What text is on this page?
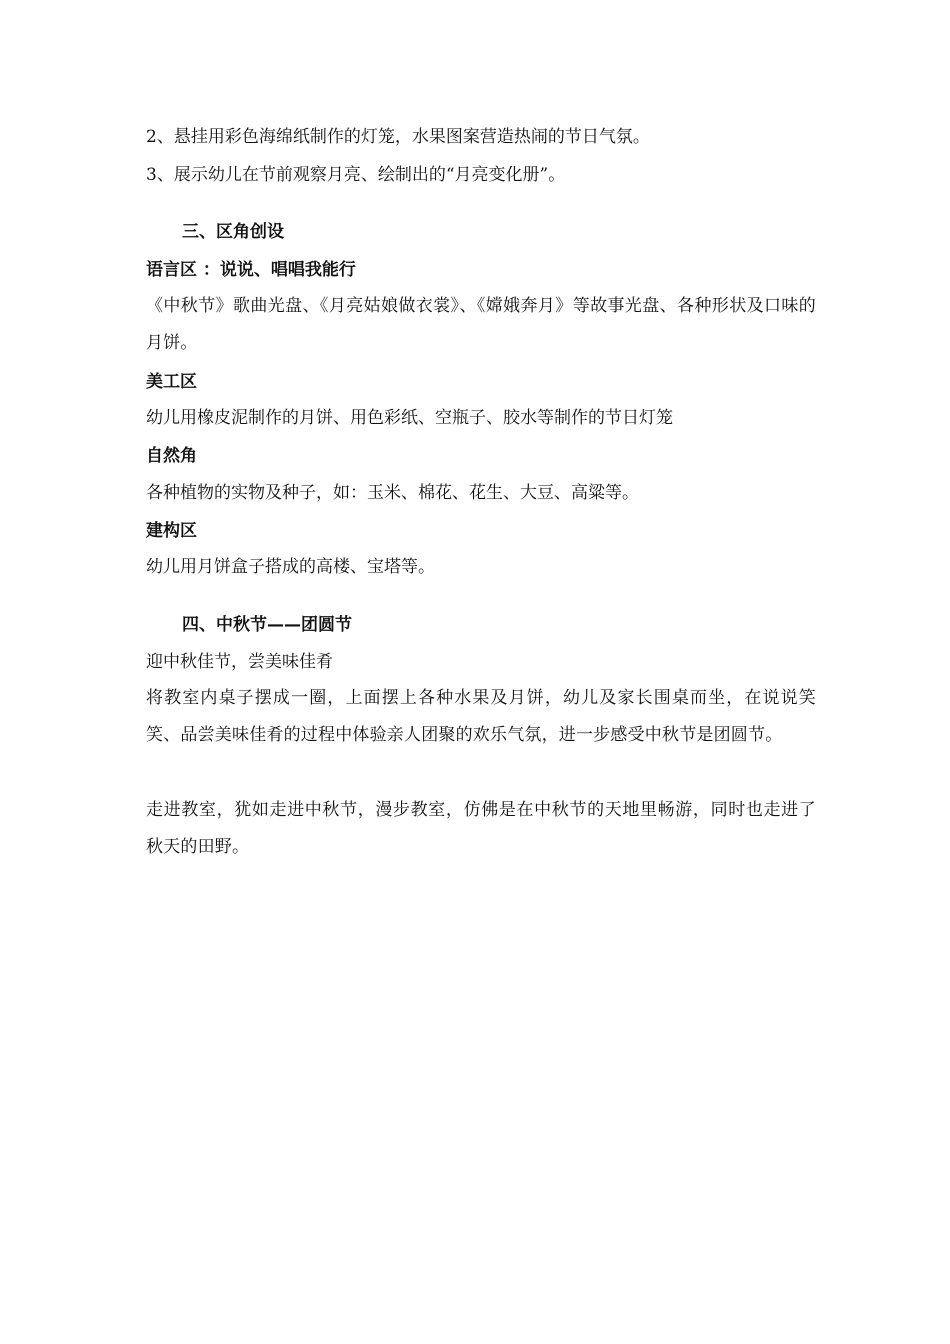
2、悬挂用彩色海绵纸制作的灯笼，水果图案营造热闹的节日气氛。
3、展示幼儿在节前观察月亮、绘制出的“月亮变化册”。
三、区角创设
语言区 ：说说、唱唱我能行
《中秋节》歌曲光盘、《月亮姑娘做衣裳》、《嫦娥奔月》等故事光盘、各种形状及口味的月饼。
美工区
幼儿用橡皮泥制作的月饼、用色彩纸、空瓶子、胶水等制作的节日灯笼
自然角
各种植物的实物及种子，如：玉米、棉花、花生、大豆、高粱等。
建构区
幼儿用月饼盒子搭成的高楼、宝塔等。
四、中秋节——团圆节
迎中秋佳节，尝美味佳肴
将教室内桌子摆成一圈，上面摆上各种水果及月饼，幼儿及家长围桌而坐，在说说笑笑、品尝美味佳肴的过程中体验亲人团聚的欢乐气氛，进一步感受中秋节是团圆节。
走进教室，犹如走进中秋节，漫步教室，仿佛是在中秋节的天地里畅游，同时也走进了秋天的田野。
